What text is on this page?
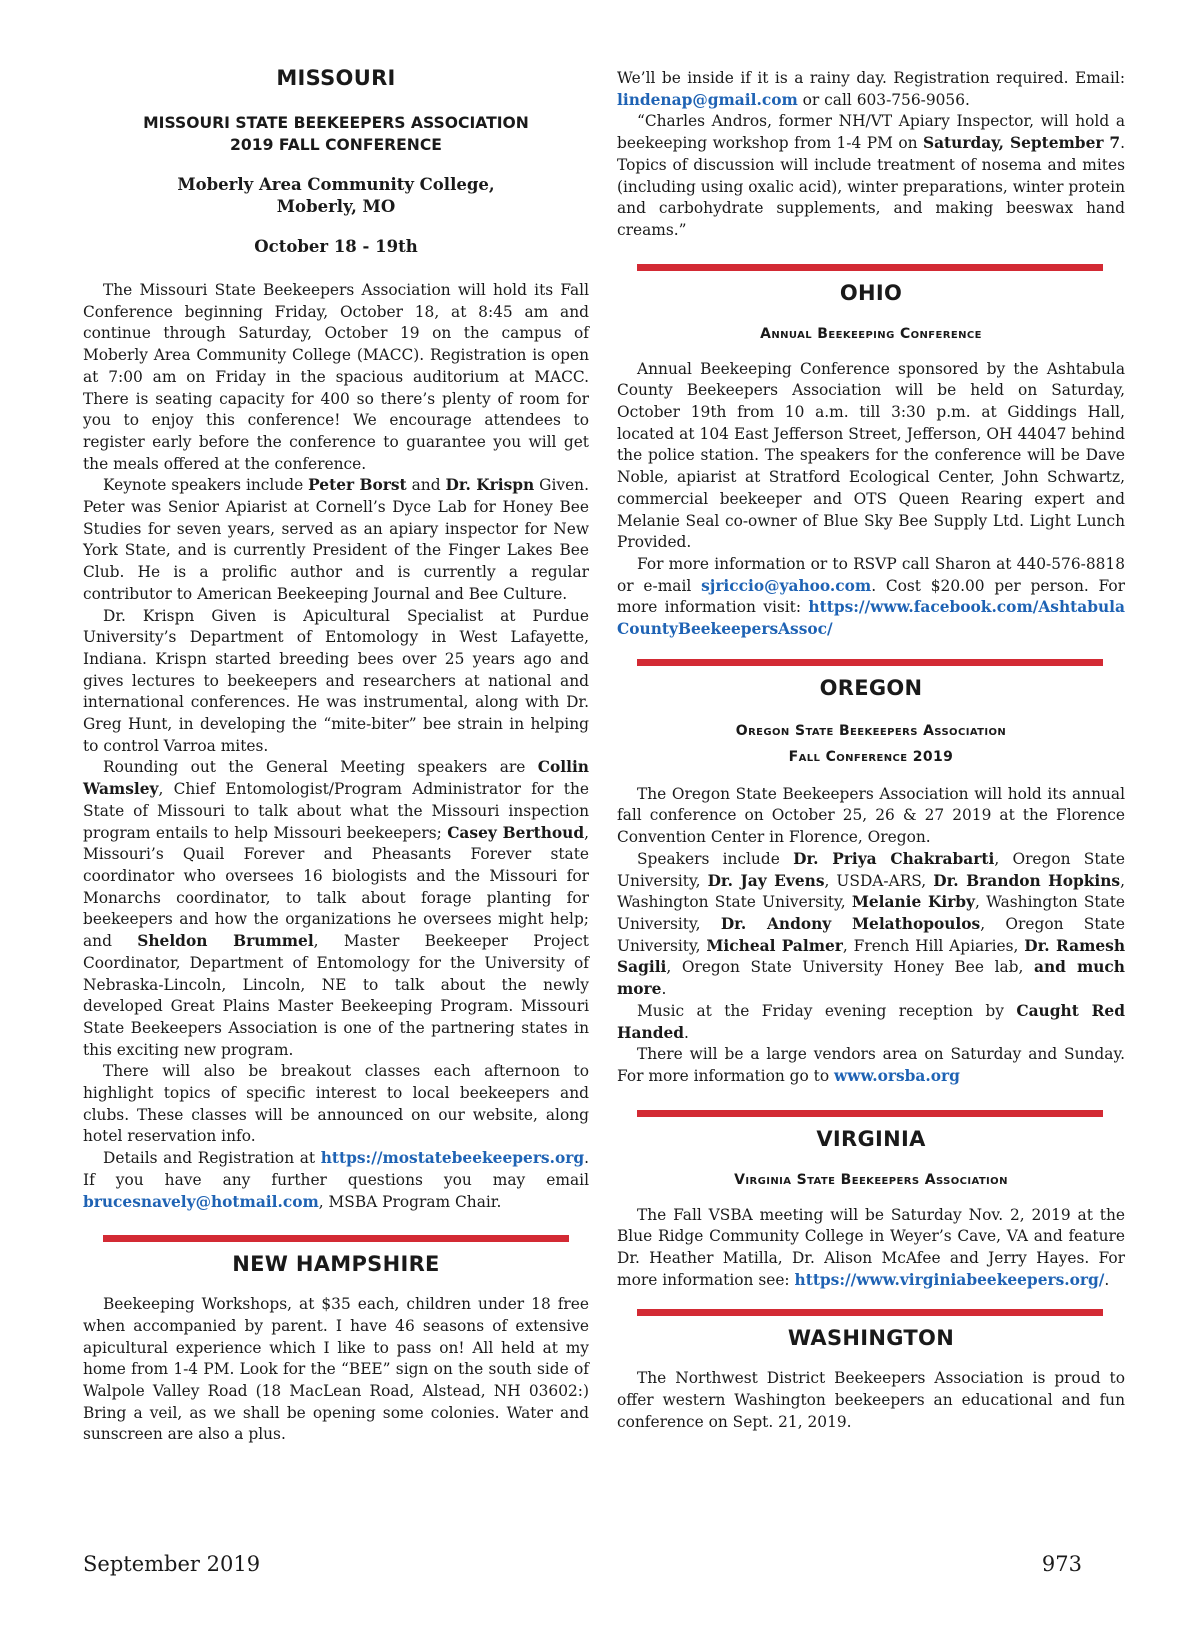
MISSOURI
MISSOURI STATE BEEKEEPERS ASSOCIATION
2019 FALL CONFERENCE
Moberly Area Community College,
Moberly, MO
October 18 - 19th

The Missouri State Beekeepers Association will hold its Fall Conference beginning Friday, October 18, at 8:45 am and continue through Saturday, October 19 on the campus of Moberly Area Community College (MACC). Registration is open at 7:00 am on Friday in the spacious auditorium at MACC. There is seating capacity for 400 so there’s plenty of room for you to enjoy this conference! We encourage attendees to register early before the conference to guarantee you will get the meals offered at the conference.

Keynote speakers include Peter Borst and Dr. Krispn Given. Peter was Senior Apiarist at Cornell’s Dyce Lab for Honey Bee Studies for seven years, served as an apiary inspector for New York State, and is currently President of the Finger Lakes Bee Club. He is a prolific author and is currently a regular contributor to American Beekeeping Journal and Bee Culture.

Dr. Krispn Given is Apicultural Specialist at Purdue University’s Department of Entomology in West Lafayette, Indiana. Krispn started breeding bees over 25 years ago and gives lectures to beekeepers and researchers at national and international conferences. He was instrumental, along with Dr. Greg Hunt, in developing the “mite-biter” bee strain in helping to control Varroa mites.

Rounding out the General Meeting speakers are Collin Wamsley, Chief Entomologist/Program Administrator for the State of Missouri to talk about what the Missouri inspection program entails to help Missouri beekeepers; Casey Berthoud, Missouri’s Quail Forever and Pheasants Forever state coordinator who oversees 16 biologists and the Missouri for Monarchs coordinator, to talk about forage planting for beekeepers and how the organizations he oversees might help; and Sheldon Brummel, Master Beekeeper Project Coordinator, Department of Entomology for the University of Nebraska-Lincoln, Lincoln, NE to talk about the newly developed Great Plains Master Beekeeping Program. Missouri State Beekeepers Association is one of the partnering states in this exciting new program.

There will also be breakout classes each afternoon to highlight topics of specific interest to local beekeepers and clubs. These classes will be announced on our website, along hotel reservation info.

Details and Registration at https://mostatebeekeepers.org. If you have any further questions you may email brucesnavely@hotmail.com, MSBA Program Chair.

NEW HAMPSHIRE

Beekeeping Workshops, at $35 each, children under 18 free when accompanied by parent. I have 46 seasons of extensive apicultural experience which I like to pass on! All held at my home from 1-4 PM. Look for the “BEE” sign on the south side of Walpole Valley Road (18 MacLean Road, Alstead, NH 03602:) Bring a veil, as we shall be opening some colonies. Water and sunscreen are also a plus.

We’ll be inside if it is a rainy day. Registration required. Email: lindenap@gmail.com or call 603-756-9056.

“Charles Andros, former NH/VT Apiary Inspector, will hold a beekeeping workshop from 1-4 PM on Saturday, September 7. Topics of discussion will include treatment of nosema and mites (including using oxalic acid), winter preparations, winter protein and carbohydrate supplements, and making beeswax hand creams.”

OHIO
Annual Beekeeping Conference

Annual Beekeeping Conference sponsored by the Ashtabula County Beekeepers Association will be held on Saturday, October 19th from 10 a.m. till 3:30 p.m. at Giddings Hall, located at 104 East Jefferson Street, Jefferson, OH 44047 behind the police station. The speakers for the conference will be Dave Noble, apiarist at Stratford Ecological Center, John Schwartz, commercial beekeeper and OTS Queen Rearing expert and Melanie Seal co-owner of Blue Sky Bee Supply Ltd. Light Lunch Provided.

For more information or to RSVP call Sharon at 440-576-8818 or e-mail sjriccio@yahoo.com. Cost $20.00 per person. For more information visit: https://www.facebook.com/AshtabulaCountyBeekeepersAssoc/

OREGON
Oregon State Beekeepers Association
Fall Conference 2019

The Oregon State Beekeepers Association will hold its annual fall conference on October 25, 26 & 27 2019 at the Florence Convention Center in Florence, Oregon.

Speakers include Dr. Priya Chakrabarti, Oregon State University, Dr. Jay Evens, USDA-ARS, Dr. Brandon Hopkins, Washington State University, Melanie Kirby, Washington State University, Dr. Andony Melathopoulos, Oregon State University, Micheal Palmer, French Hill Apiaries, Dr. Ramesh Sagili, Oregon State University Honey Bee lab, and much more.

Music at the Friday evening reception by Caught Red Handed.

There will be a large vendors area on Saturday and Sunday. For more information go to www.orsba.org

VIRGINIA
Virginia State Beekeepers Association

The Fall VSBA meeting will be Saturday Nov. 2, 2019 at the Blue Ridge Community College in Weyer’s Cave, VA and feature Dr. Heather Matilla, Dr. Alison McAfee and Jerry Hayes. For more information see: https://www.virginiabeekeepers.org/.

WASHINGTON

The Northwest District Beekeepers Association is proud to offer western Washington beekeepers an educational and fun conference on Sept. 21, 2019.

September 2019	973
